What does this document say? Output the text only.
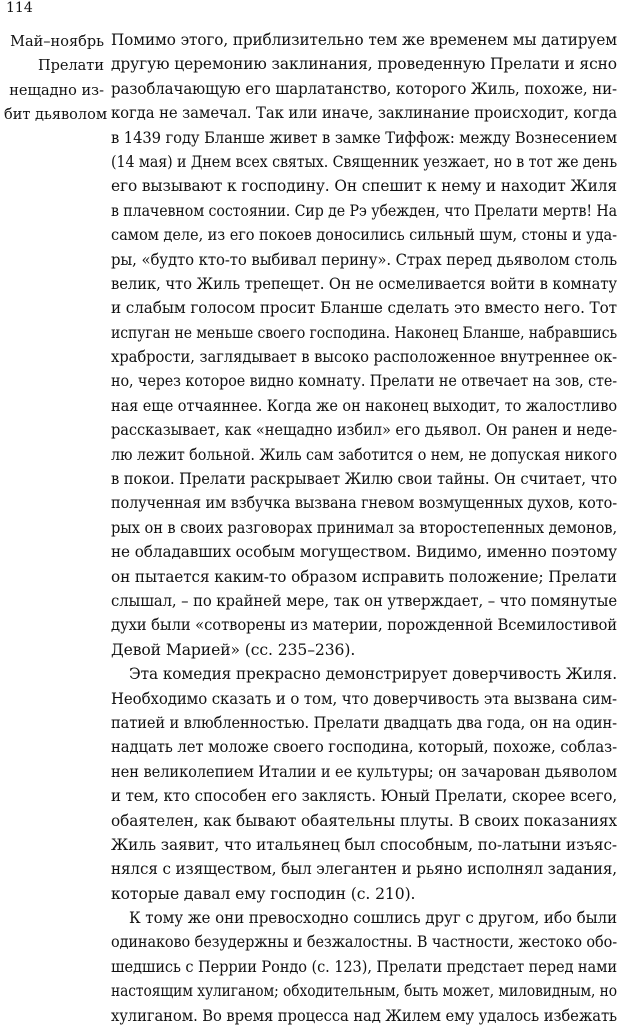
114
Май–ноябрь
Прелати
нещадно из-
бит дьяволом
Помимо этого, приблизительно тем же временем мы датируем
другую церемонию заклинания, проведенную Прелати и ясно
разоблачающую его шарлатанство, которого Жиль, похоже, ни-
когда не замечал. Так или иначе, заклинание происходит, когда
в 1439 году Бланше живет в замке Тиффож: между Вознесением
(14 мая) и Днем всех святых. Священник уезжает, но в тот же день
его вызывают к господину. Он спешит к нему и находит Жиля
в плачевном состоянии. Сир де Рэ убежден, что Прелати мертв! На
самом деле, из его покоев доносились сильный шум, стоны и уда-
ры, «будто кто-то выбивал перину». Страх перед дьяволом столь
велик, что Жиль трепещет. Он не осмеливается войти в комнату
и слабым голосом просит Бланше сделать это вместо него. Тот
испуган не меньше своего господина. Наконец Бланше, набравшись
храбрости, заглядывает в высоко расположенное внутреннее ок-
но, через которое видно комнату. Прелати не отвечает на зов, сте-
ная еще отчаяннее. Когда же он наконец выходит, то жалостливо
рассказывает, как «нещадно избил» его дьявол. Он ранен и неде-
лю лежит больной. Жиль сам заботится о нем, не допуская никого
в покои. Прелати раскрывает Жилю свои тайны. Он считает, что
полученная им взбучка вызвана гневом возмущенных духов, кото-
рых он в своих разговорах принимал за второстепенных демонов,
не обладавших особым могуществом. Видимо, именно поэтому
он пытается каким-то образом исправить положение; Прелати
слышал, – по крайней мере, так он утверждает, – что помянутые
духи были «сотворены из материи, порожденной Всемилостивой
Девой Марией» (сс. 235–236).
Эта комедия прекрасно демонстрирует доверчивость Жиля.
Необходимо сказать и о том, что доверчивость эта вызвана сим-
патией и влюбленностью. Прелати двадцать два года, он на один-
надцать лет моложе своего господина, который, похоже, соблаз-
нен великолепием Италии и ее культуры; он зачарован дьяволом
и тем, кто способен его заклясть. Юный Прелати, скорее всего,
обаятелен, как бывают обаятельны плуты. В своих показаниях
Жиль заявит, что итальянец был способным, по-латыни изъяс-
нялся с изяществом, был элегантен и рьяно исполнял задания,
которые давал ему господин (с. 210).
К тому же они превосходно сошлись друг с другом, ибо были
одинаково безудержны и безжалостны. В частности, жестоко обо-
шедшись с Перрии Рондо (с. 123), Прелати предстает перед нами
настоящим хулиганом; обходительным, быть может, миловидным, но
хулиганом. Во время процесса над Жилем ему удалось избежать
